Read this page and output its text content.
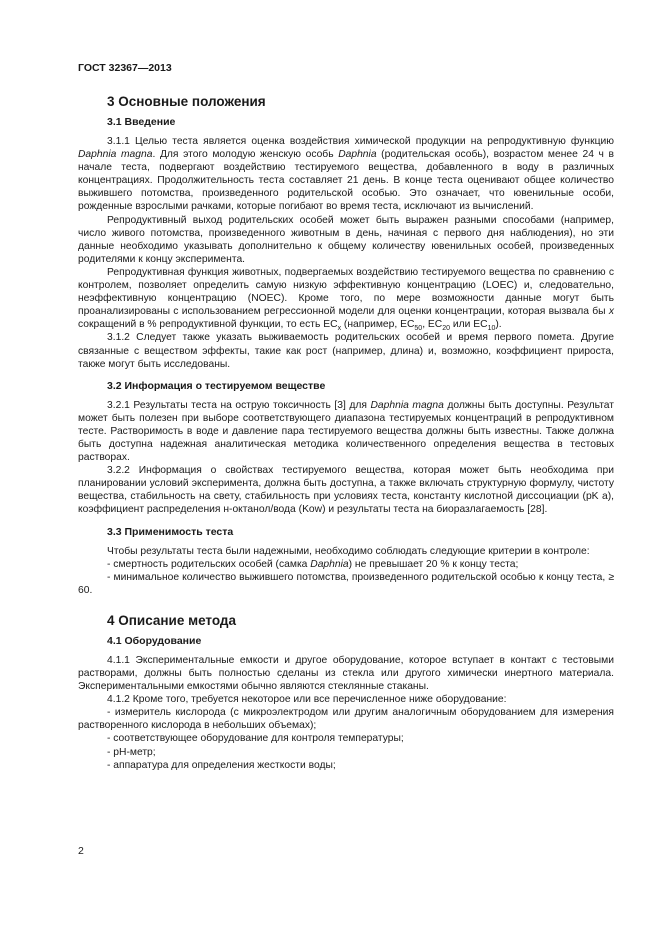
ГОСТ 32367—2013
3 Основные положения
3.1 Введение

3.1.1 Целью теста является оценка воздействия химической продукции на репродуктивную функцию Daphnia magna. Для этого молодую женскую особь Daphnia (родительская особь), возрастом менее 24 ч в начале теста, подвергают воздействию тестируемого вещества, добавленного в воду в различных концентрациях. Продолжительность теста составляет 21 день. В конце теста оценивают общее количество выжившего потомства, произведенного родительской особью. Это означает, что ювенильные особи, рожденные взрослыми рачками, которые погибают во время теста, исключают из вычислений.

Репродуктивный выход родительских особей может быть выражен разными способами (например, число живого потомства, произведенного животным в день, начиная с первого дня наблюдения), но эти данные необходимо указывать дополнительно к общему количеству ювенильных особей, произведенных родителями к концу эксперимента.

Репродуктивная функция животных, подвергаемых воздействию тестируемого вещества по сравнению с контролем, позволяет определить самую низкую эффективную концентрацию (LOEC) и, следовательно, неэффективную концентрацию (NOEC). Кроме того, по мере возможности данные могут быть проанализированы с использованием регрессионной модели для оценки концентрации, которая вызвала бы x сокращений в % репродуктивной функции, то есть $EC_x$ (например, $EC_{50}$, $EC_{20}$ или $EC_{10}$).

3.1.2 Следует также указать выживаемость родительских особей и время первого помета. Другие связанные с веществом эффекты, такие как рост (например, длина) и, возможно, коэффициент прироста, также могут быть исследованы.

3.2 Информация о тестируемом веществе

3.2.1 Результаты теста на острую токсичность [3] для Daphnia magna должны быть доступны. Результат может быть полезен при выборе соответствующего диапазона тестируемых концентраций в репродуктивном тесте. Растворимость в воде и давление пара тестируемого вещества должны быть известны. Также должна быть доступна надежная аналитическая методика количественного определения вещества в тестовых растворах.

3.2.2 Информация о свойствах тестируемого вещества, которая может быть необходима при планировании условий эксперимента, должна быть доступна, а также включать структурную формулу, чистоту вещества, стабильность на свету, стабильность при условиях теста, константу кислотной диссоциации (pK a), коэффициент распределения н-октанол/вода (Kow) и результаты теста на биоразлагаемость [28].

3.3 Применимость теста

Чтобы результаты теста были надежными, необходимо соблюдать следующие критерии в контроле:

- смертность родительских особей (самка Daphnia) не превышает 20 % к концу теста;

- минимальное количество выжившего потомства, произведенного родительской особью к концу теста, ≥ 60.

4 Описание метода
4.1 Оборудование

4.1.1 Экспериментальные емкости и другое оборудование, которое вступает в контакт с тестовыми растворами, должны быть полностью сделаны из стекла или другого химически инертного материала. Экспериментальными емкостями обычно являются стеклянные стаканы.

4.1.2 Кроме того, требуется некоторое или все перечисленное ниже оборудование:

- измеритель кислорода (с микроэлектродом или другим аналогичным оборудованием для измерения растворенного кислорода в небольших объемах);

- соответствующее оборудование для контроля температуры;

- pH-метр;

- аппаратура для определения жесткости воды;

2
